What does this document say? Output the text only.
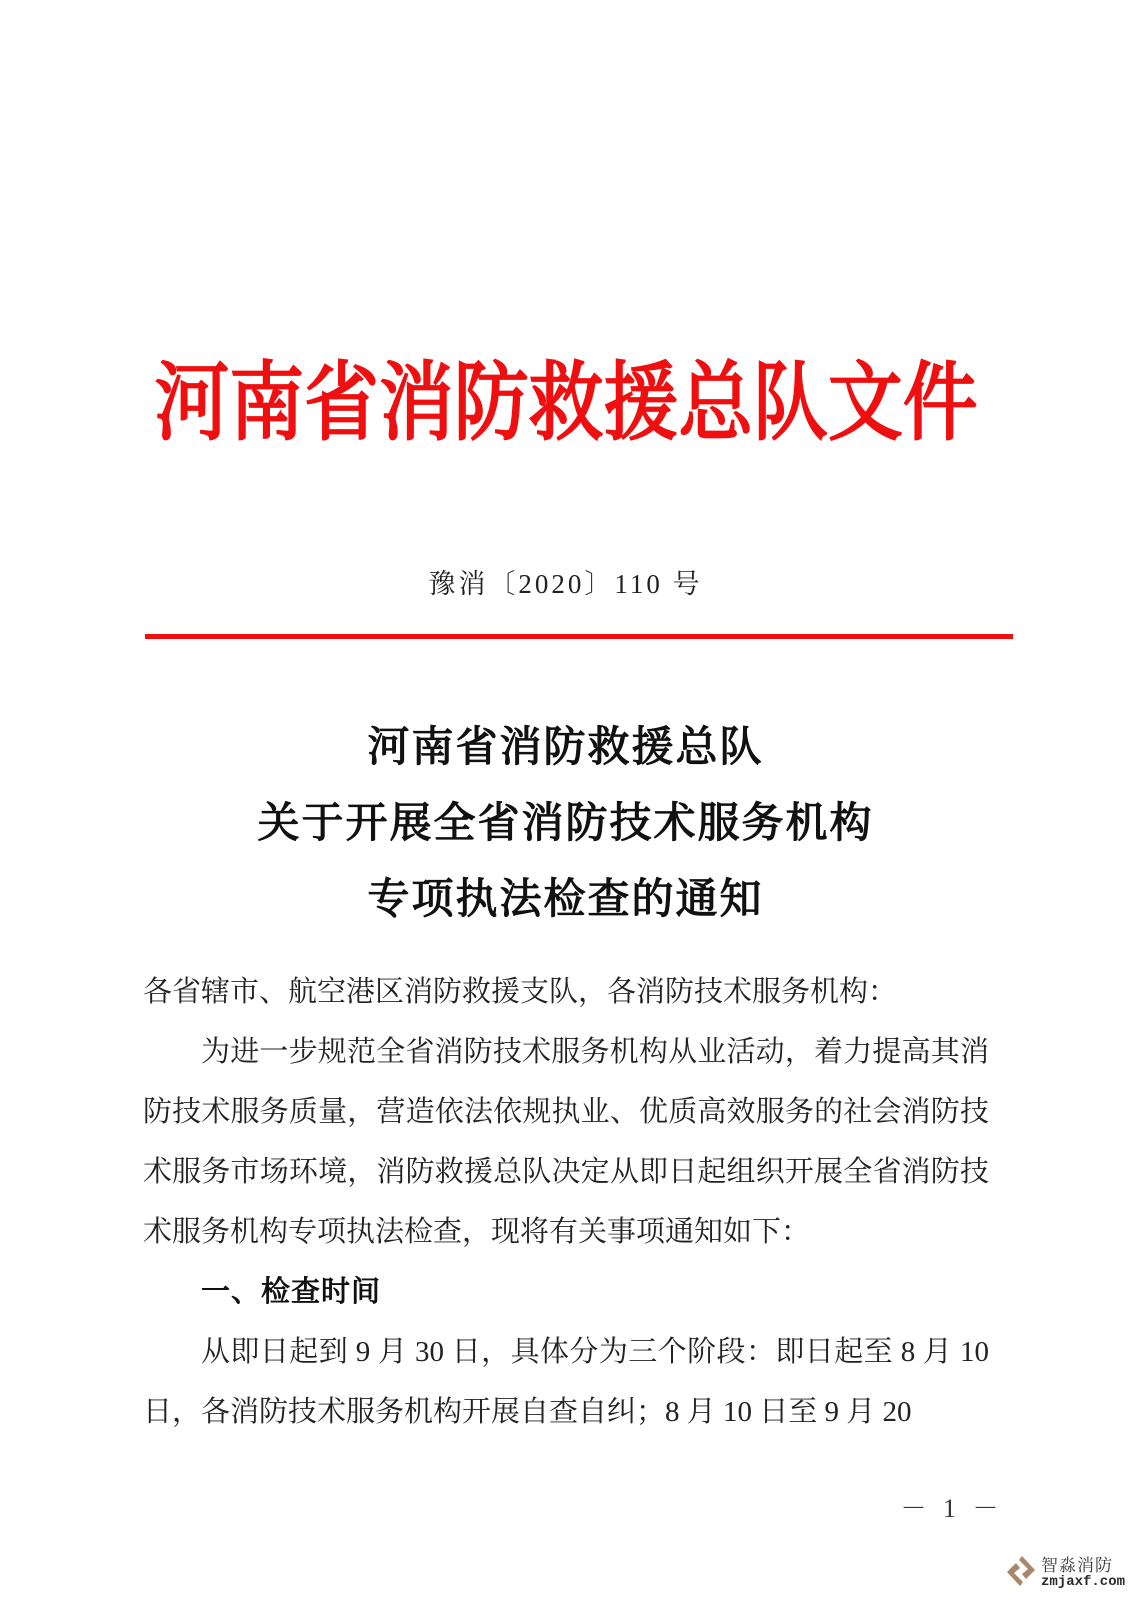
河南省消防救援总队文件
豫消〔2020〕110 号
河南省消防救援总队
关于开展全省消防技术服务机构
专项执法检查的通知

各省辖市、航空港区消防救援支队，各消防技术服务机构：

为进一步规范全省消防技术服务机构从业活动，着力提高其消防技术服务质量，营造依法依规执业、优质高效服务的社会消防技术服务市场环境，消防救援总队决定从即日起组织开展全省消防技术服务机构专项执法检查，现将有关事项通知如下：

一、检查时间

从即日起到 9 月 30 日，具体分为三个阶段：即日起至 8 月 10 日，各消防技术服务机构开展自查自纠；8 月 10 日至 9 月 20

－ 1 －
智淼消防
zmjaxf.com
